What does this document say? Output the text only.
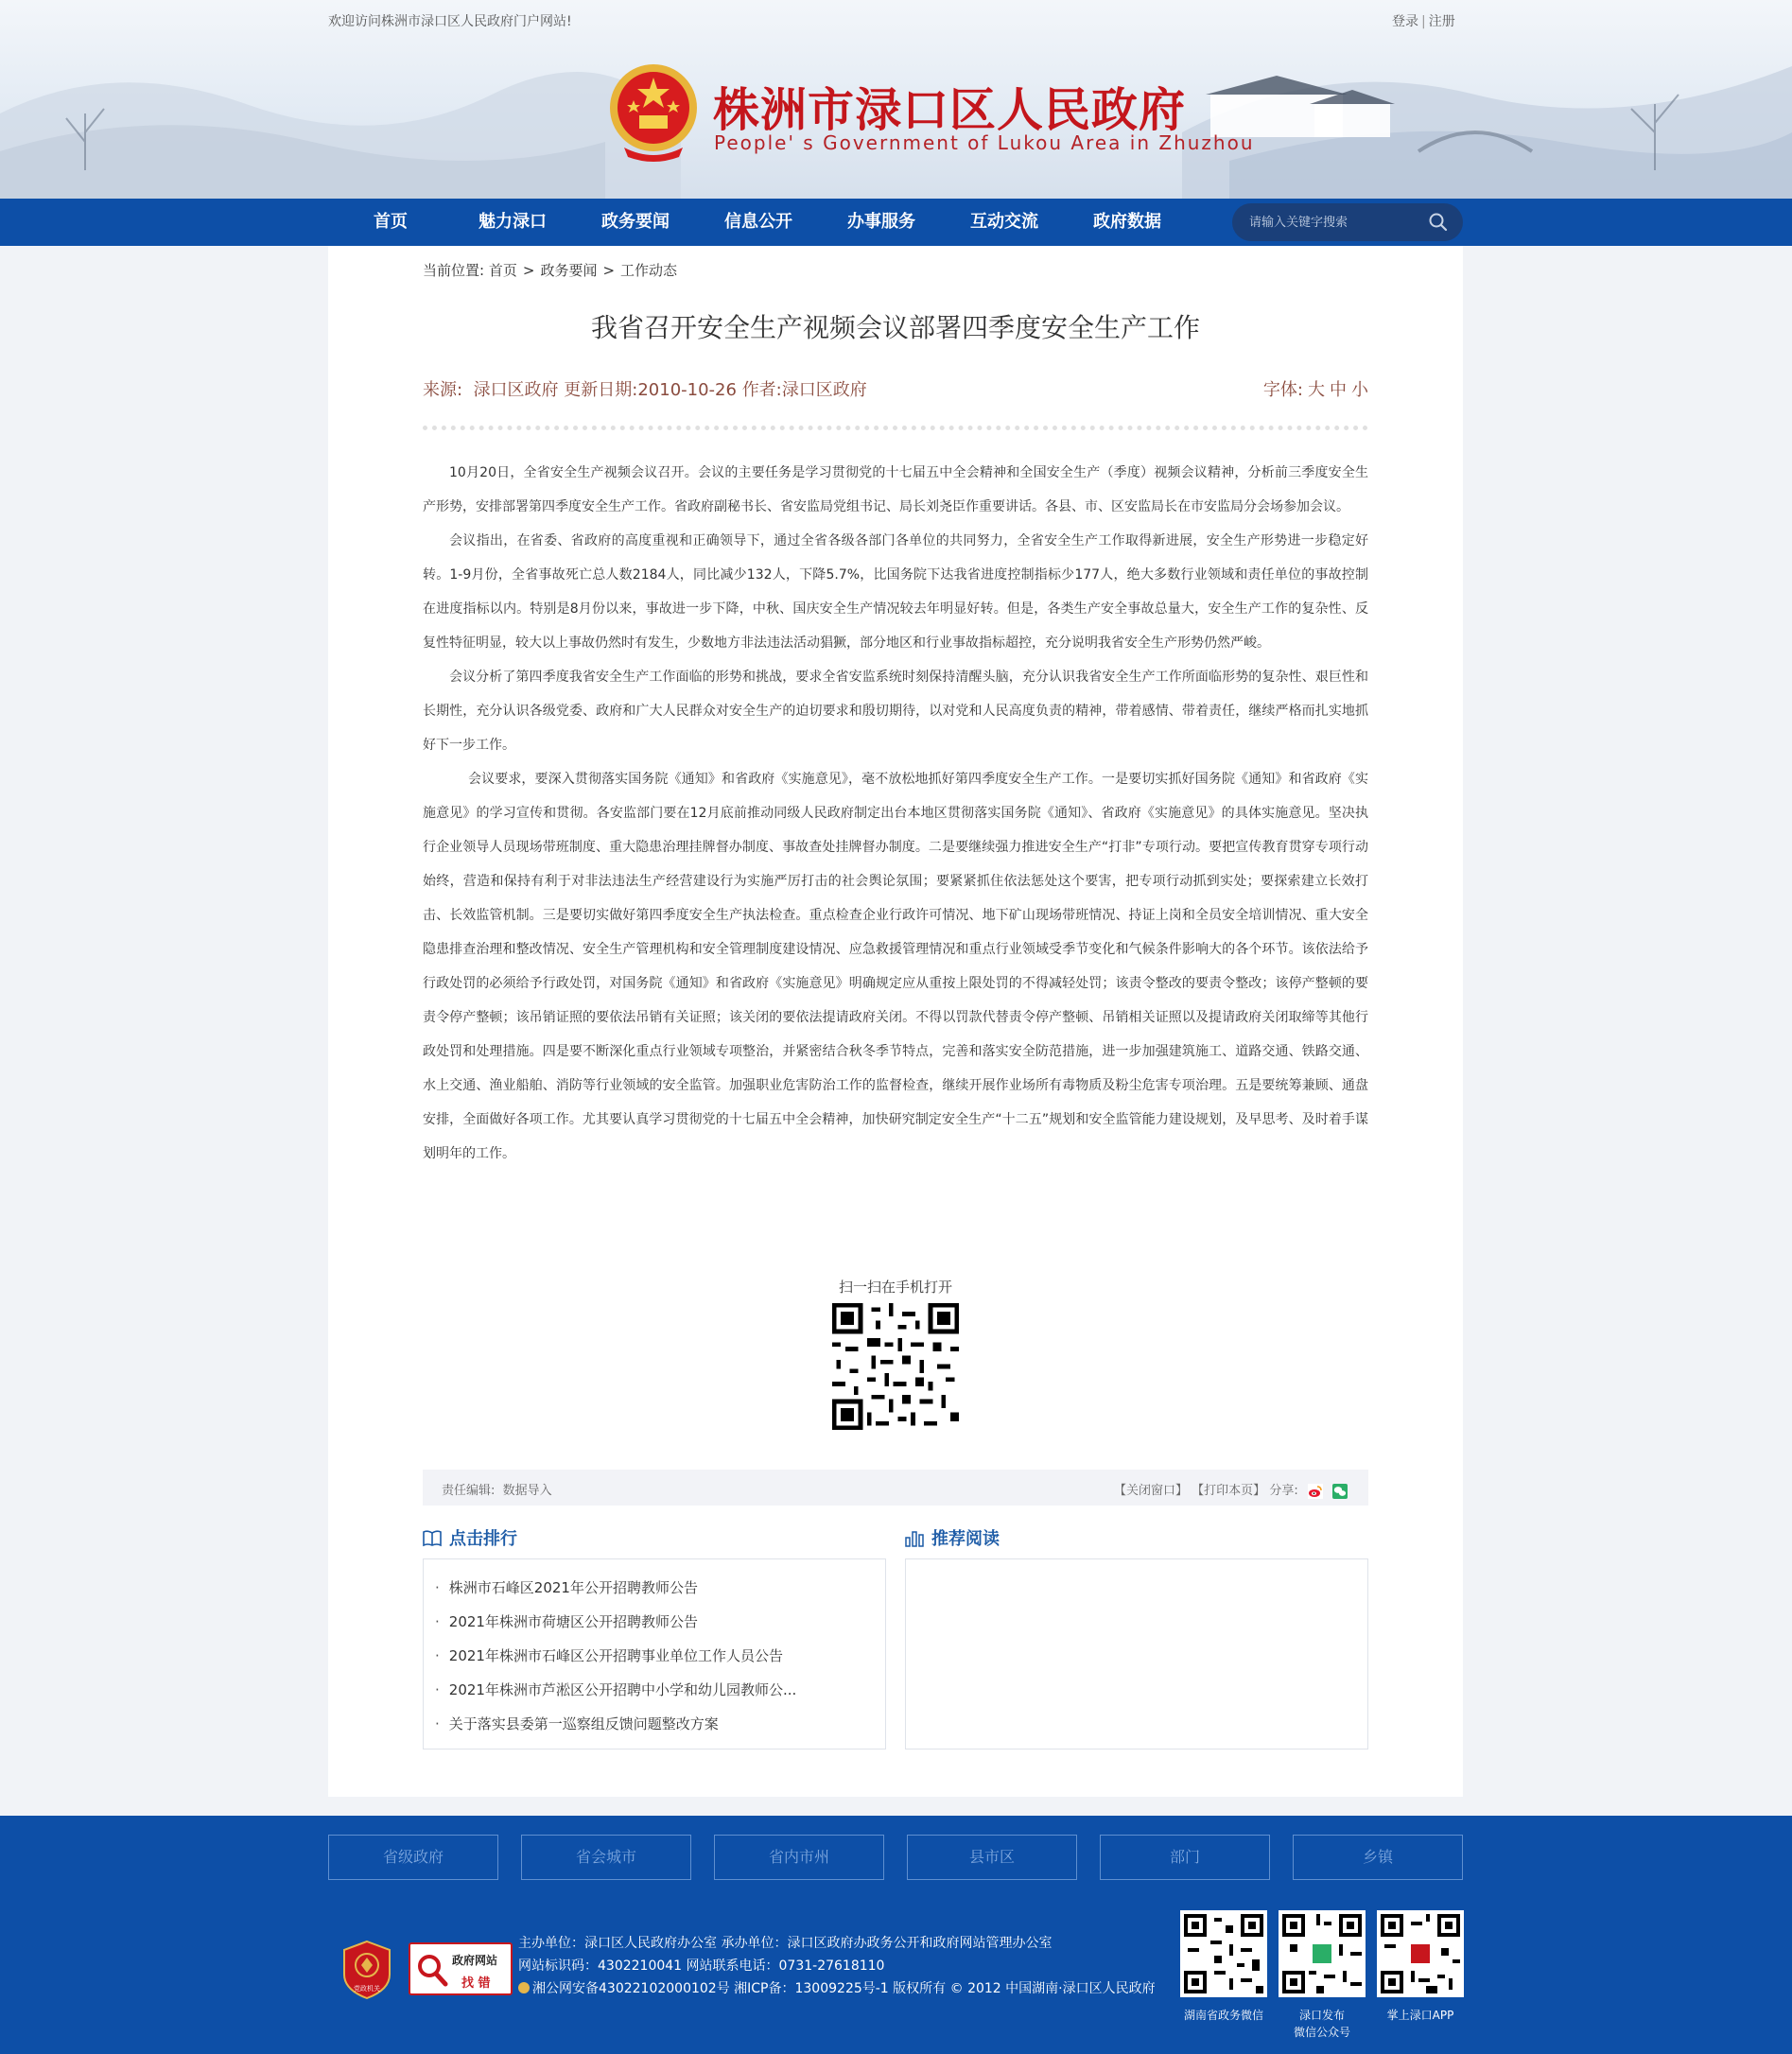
欢迎访问株洲市渌口区人民政府门户网站!	登录 | 注册
株洲市渌口区人民政府
People' s Government of Lukou Area in Zhuzhou
首页	魅力渌口	政务要闻	信息公开	办事服务	互动交流	政府数据
请输入关键字搜索
当前位置: 首页 > 政务要闻 > 工作动态
我省召开安全生产视频会议部署四季度安全生产工作
来源: 渌口区政府 更新日期:2010-10-26 作者:渌口区政府	字体: 大 中 小

10月20日，全省安全生产视频会议召开。会议的主要任务是学习贯彻党的十七届五中全会精神和全国安全生产（季度）视频会议精神，分析前三季度安全生产形势，安排部署第四季度安全生产工作。省政府副秘书长、省安监局党组书记、局长刘尧臣作重要讲话。各县、市、区安监局长在市安监局分会场参加会议。

会议指出，在省委、省政府的高度重视和正确领导下，通过全省各级各部门各单位的共同努力，全省安全生产工作取得新进展，安全生产形势进一步稳定好转。1-9月份，全省事故死亡总人数2184人，同比减少132人，下降5.7%，比国务院下达我省进度控制指标少177人，绝大多数行业领域和责任单位的事故控制在进度指标以内。特别是8月份以来，事故进一步下降，中秋、国庆安全生产情况较去年明显好转。但是，各类生产安全事故总量大，安全生产工作的复杂性、反复性特征明显，较大以上事故仍然时有发生，少数地方非法违法活动猖獗，部分地区和行业事故指标超控，充分说明我省安全生产形势仍然严峻。

会议分析了第四季度我省安全生产工作面临的形势和挑战，要求全省安监系统时刻保持清醒头脑，充分认识我省安全生产工作所面临形势的复杂性、艰巨性和长期性，充分认识各级党委、政府和广大人民群众对安全生产的迫切要求和殷切期待，以对党和人民高度负责的精神，带着感情、带着责任，继续严格而扎实地抓好下一步工作。

会议要求，要深入贯彻落实国务院《通知》和省政府《实施意见》，毫不放松地抓好第四季度安全生产工作。一是要切实抓好国务院《通知》和省政府《实施意见》的学习宣传和贯彻。各安监部门要在12月底前推动同级人民政府制定出台本地区贯彻落实国务院《通知》、省政府《实施意见》的具体实施意见。坚决执行企业领导人员现场带班制度、重大隐患治理挂牌督办制度、事故查处挂牌督办制度。二是要继续强力推进安全生产“打非”专项行动。要把宣传教育贯穿专项行动始终，营造和保持有利于对非法违法生产经营建设行为实施严厉打击的社会舆论氛围；要紧紧抓住依法惩处这个要害，把专项行动抓到实处；要探索建立长效打击、长效监管机制。三是要切实做好第四季度安全生产执法检查。重点检查企业行政许可情况、地下矿山现场带班情况、持证上岗和全员安全培训情况、重大安全隐患排查治理和整改情况、安全生产管理机构和安全管理制度建设情况、应急救援管理情况和重点行业领域受季节变化和气候条件影响大的各个环节。该依法给予行政处罚的必须给予行政处罚，对国务院《通知》和省政府《实施意见》明确规定应从重按上限处罚的不得减轻处罚；该责令整改的要责令整改；该停产整顿的要责令停产整顿；该吊销证照的要依法吊销有关证照；该关闭的要依法提请政府关闭。不得以罚款代替责令停产整顿、吊销相关证照以及提请政府关闭取缔等其他行政处罚和处理措施。四是要不断深化重点行业领域专项整治，并紧密结合秋冬季节特点，完善和落实安全防范措施，进一步加强建筑施工、道路交通、铁路交通、水上交通、渔业船舶、消防等行业领域的安全监管。加强职业危害防治工作的监督检查，继续开展作业场所有毒物质及粉尘危害专项治理。五是要统筹兼顾、通盘安排，全面做好各项工作。尤其要认真学习贯彻党的十七届五中全会精神，加快研究制定安全生产“十二五”规划和安全监管能力建设规划，及早思考、及时着手谋划明年的工作。

扫一扫在手机打开
责任编辑: 数据导入	【关闭窗口】 【打印本页】 分享:
点击排行	推荐阅读
· 株洲市石峰区2021年公开招聘教师公告
· 2021年株洲市荷塘区公开招聘教师公告
· 2021年株洲市石峰区公开招聘事业单位工作人员公告
· 2021年株洲市芦淞区公开招聘中小学和幼儿园教师公...
· 关于落实县委第一巡察组反馈问题整改方案
省级政府	省会城市	省内市州	县市区	部门	乡镇
党政机关
政府网站
找 错
主办单位：渌口区人民政府办公室 承办单位：渌口区政府办政务公开和政府网站管理办公室
网站标识码：4302210041 网站联系电话：0731-27618110
湘公网安备43022102000102号 湘ICP备：13009225号-1 版权所有 © 2012 中国湖南·渌口区人民政府
湖南省政务微信	渌口发布
微信公众号
掌上渌口APP
